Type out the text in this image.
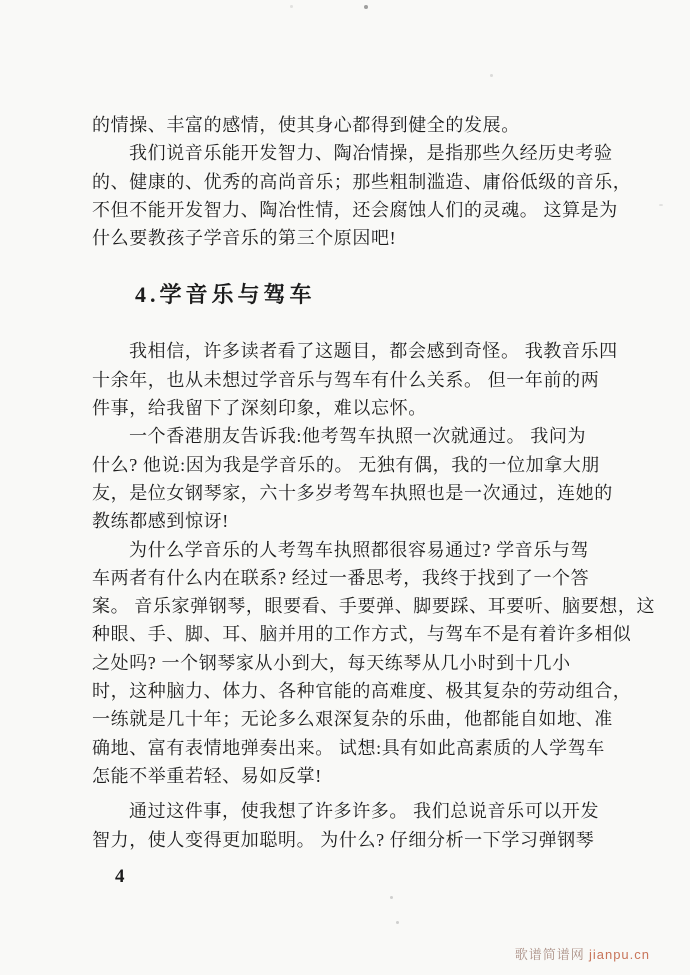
的情操、丰富的感情，使其身心都得到健全的发展。
我们说音乐能开发智力、陶冶情操，是指那些久经历史考验
的、健康的、优秀的高尚音乐；那些粗制滥造、庸俗低级的音乐，
不但不能开发智力、陶冶性情，还会腐蚀人们的灵魂。 这算是为
什么要教孩子学音乐的第三个原因吧!
4.学音乐与驾车
我相信，许多读者看了这题目，都会感到奇怪。 我教音乐四
十余年，也从未想过学音乐与驾车有什么关系。 但一年前的两
件事，给我留下了深刻印象，难以忘怀。
一个香港朋友告诉我:他考驾车执照一次就通过。 我问为
什么? 他说:因为我是学音乐的。 无独有偶，我的一位加拿大朋
友，是位女钢琴家，六十多岁考驾车执照也是一次通过，连她的
教练都感到惊讶!
为什么学音乐的人考驾车执照都很容易通过? 学音乐与驾
车两者有什么内在联系? 经过一番思考，我终于找到了一个答
案。 音乐家弹钢琴，眼要看、手要弹、脚要踩、耳要听、脑要想，这
种眼、手、脚、耳、脑并用的工作方式，与驾车不是有着许多相似
之处吗? 一个钢琴家从小到大，每天练琴从几小时到十几小
时，这种脑力、体力、各种官能的高难度、极其复杂的劳动组合，
一练就是几十年；无论多么艰深复杂的乐曲，他都能自如地、准
确地、富有表情地弹奏出来。 试想:具有如此高素质的人学驾车
怎能不举重若轻、易如反掌!
通过这件事，使我想了许多许多。 我们总说音乐可以开发
智力，使人变得更加聪明。 为什么? 仔细分析一下学习弹钢琴
4
歌谱简谱网 jianpu.cn
